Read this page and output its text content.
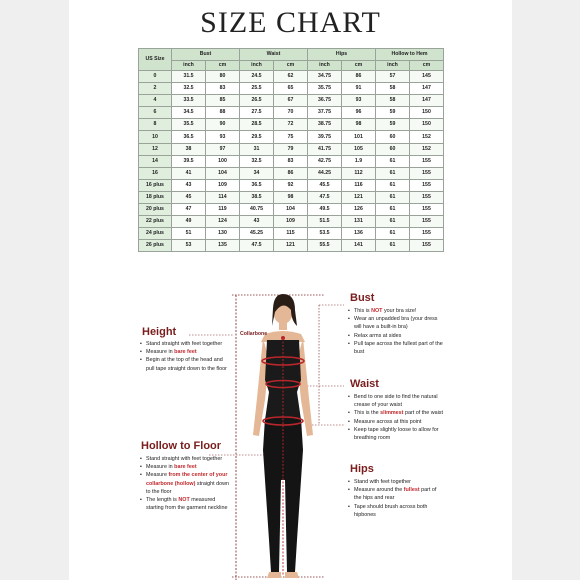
SIZE CHART
US Size	Bust		Waist		Hips		Hollow to Hem	
	inch	cm	inch	cm	inch	cm	inch	cm
0	31.5	80	24.5	62	34.75	86	57	145
2	32.5	83	25.5	65	35.75	91	58	147
4	33.5	85	26.5	67	36.75	93	58	147
6	34.5	88	27.5	70	37.75	96	59	150
8	35.5	90	28.5	72	38.75	98	59	150
10	36.5	93	29.5	75	39.75	101	60	152
12	38	97	31	79	41.75	105	60	152
14	39.5	100	32.5	83	42.75	1.9	61	155
16	41	104	34	86	44.25	112	61	155
16 plus	43	109	36.5	92	45.5	116	61	155
18 plus	45	114	38.5	98	47.5	121	61	155
20 plus	47	119	40.75	104	49.5	126	61	155
22 plus	49	124	43	109	51.5	131	61	155
24 plus	51	130	45.25	115	53.5	136	61	155
26 plus	53	135	47.5	121	55.5	141	61	155
Collarbone
Height
▪ Stand straight with feet together
▪ Measure in bare feet
▪ Begin at the top of the head and pull tape straight down to the floor
Hollow to Floor
▪ Stand straight with feet together
▪ Measure in bare feet
▪ Measure from the center of your collarbone (hollow) straight down to the floor
▪ The length is NOT measured starting from the garment neckline
Bust
▪ This is NOT your bra size!
▪ Wear an unpadded bra (your dress will have a built-in bra)
▪ Relax arms at sides
▪ Pull tape across the fullest part of the bust
Waist
▪ Bend to one side to find the natural crease of your waist
▪ This is the slimmest part of the waist
▪ Measure across at this point
▪ Keep tape slightly loose to allow for breathing room
Hips
▪ Stand with feet together
▪ Measure around the fullest part of the hips and rear
▪ Tape should brush across both hipbones
